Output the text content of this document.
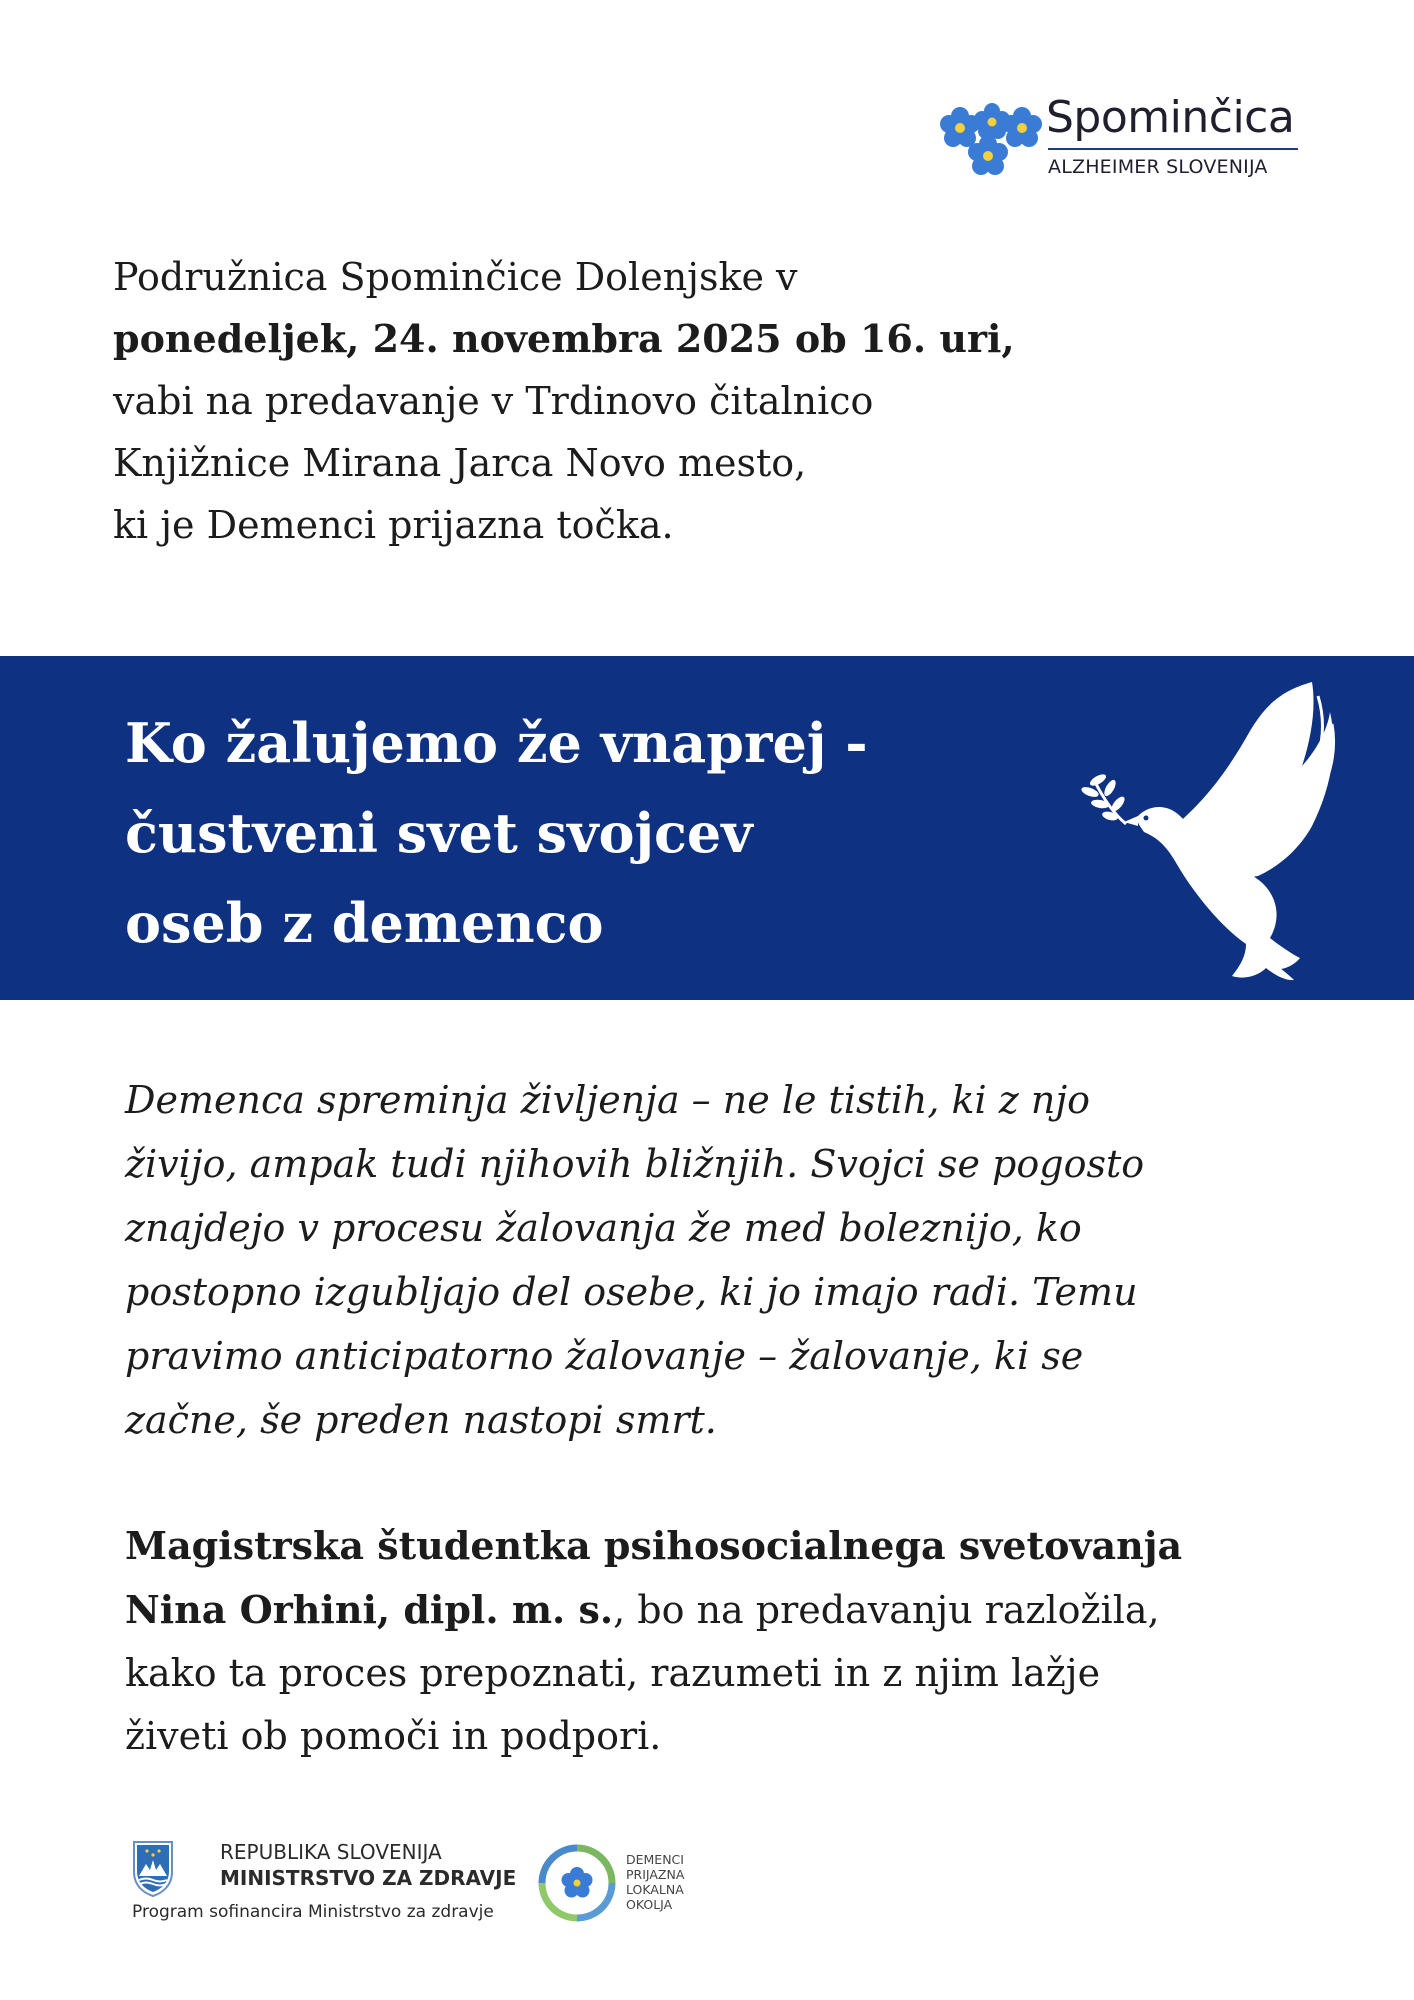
Spominčica
ALZHEIMER SLOVENIJA
Podružnica Spominčice Dolenjske v
ponedeljek, 24. novembra 2025 ob 16. uri,
vabi na predavanje v Trdinovo čitalnico
Knjižnice Mirana Jarca Novo mesto,
ki je Demenci prijazna točka.
Ko žalujemo že vnaprej -
čustveni svet svojcev
oseb z demenco
Demenca spreminja življenja – ne le tistih, ki z njo
živijo, ampak tudi njihovih bližnjih. Svojci se pogosto
znajdejo v procesu žalovanja že med boleznijo, ko
postopno izgubljajo del osebe, ki jo imajo radi. Temu
pravimo anticipatorno žalovanje – žalovanje, ki se
začne, še preden nastopi smrt.
Magistrska študentka psihosocialnega svetovanja
Nina Orhini, dipl. m. s., bo na predavanju razložila,
kako ta proces prepoznati, razumeti in z njim lažje
živeti ob pomoči in podpori.
REPUBLIKA SLOVENIJA
MINISTRSTVO ZA ZDRAVJE
Program sofinancira Ministrstvo za zdravje
DEMENCI
PRIJAZNA
LOKALNA
OKOLJA
